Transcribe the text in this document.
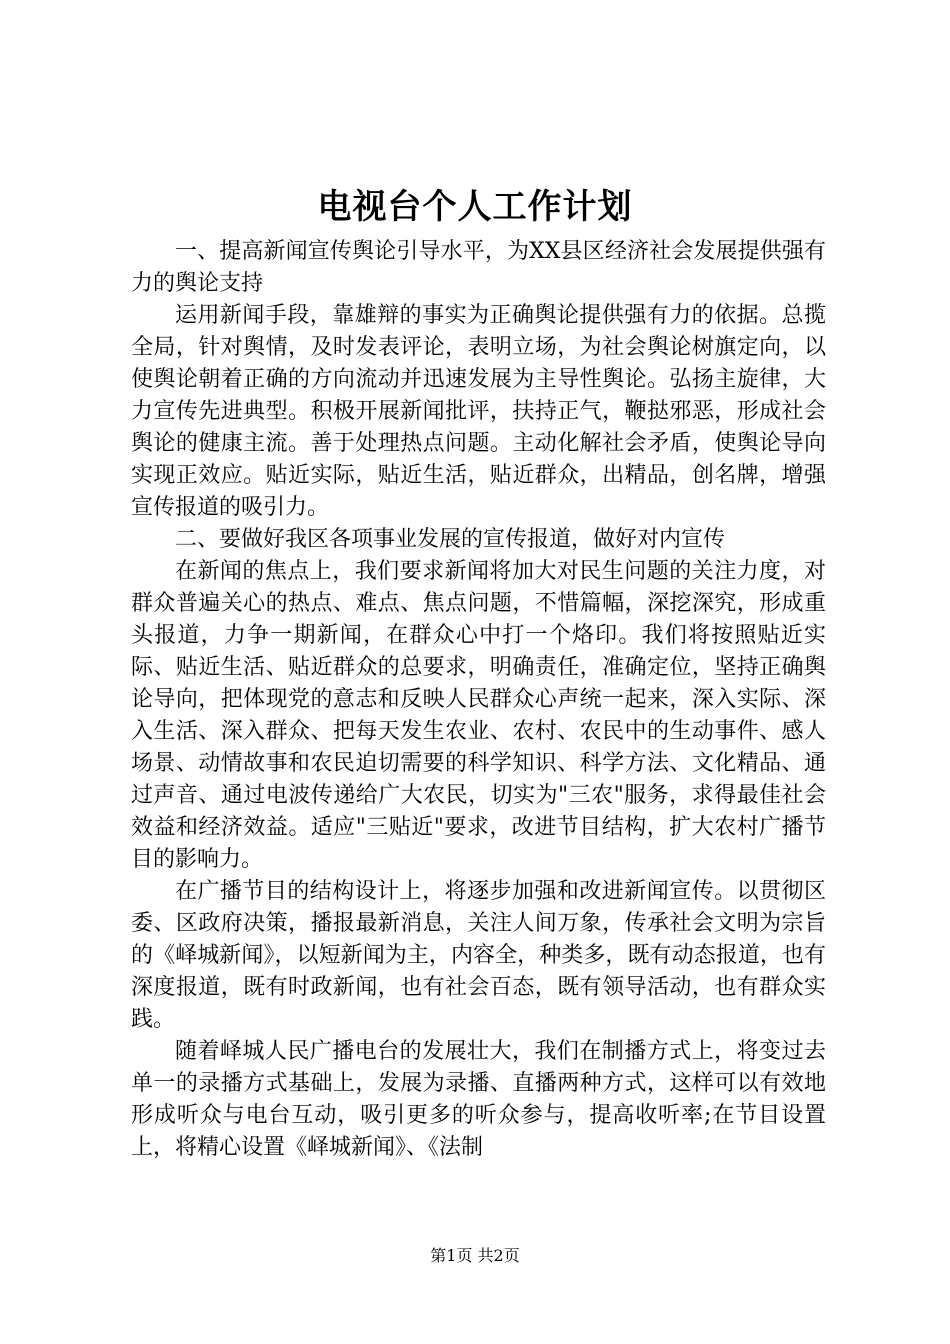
电视台个人工作计划

一、提高新闻宣传舆论引导水平，为XX县区经济社会发展提供强有力的舆论支持

运用新闻手段，靠雄辩的事实为正确舆论提供强有力的依据。总揽全局，针对舆情，及时发表评论，表明立场，为社会舆论树旗定向，以使舆论朝着正确的方向流动并迅速发展为主导性舆论。弘扬主旋律，大力宣传先进典型。积极开展新闻批评，扶持正气，鞭挞邪恶，形成社会舆论的健康主流。善于处理热点问题。主动化解社会矛盾，使舆论导向实现正效应。贴近实际，贴近生活，贴近群众，出精品，创名牌，增强宣传报道的吸引力。

二、要做好我区各项事业发展的宣传报道，做好对内宣传

在新闻的焦点上，我们要求新闻将加大对民生问题的关注力度，对群众普遍关心的热点、难点、焦点问题，不惜篇幅，深挖深究，形成重头报道，力争一期新闻，在群众心中打一个烙印。我们将按照贴近实际、贴近生活、贴近群众的总要求，明确责任，准确定位，坚持正确舆论导向，把体现党的意志和反映人民群众心声统一起来，深入实际、深入生活、深入群众、把每天发生农业、农村、农民中的生动事件、感人场景、动情故事和农民迫切需要的科学知识、科学方法、文化精品、通过声音、通过电波传递给广大农民，切实为"三农"服务，求得最佳社会效益和经济效益。适应"三贴近"要求，改进节目结构，扩大农村广播节目的影响力。

在广播节目的结构设计上，将逐步加强和改进新闻宣传。以贯彻区委、区政府决策，播报最新消息，关注人间万象，传承社会文明为宗旨的《峄城新闻》，以短新闻为主，内容全，种类多，既有动态报道，也有深度报道，既有时政新闻，也有社会百态，既有领导活动，也有群众实践。

随着峄城人民广播电台的发展壮大，我们在制播方式上，将变过去单一的录播方式基础上，发展为录播、直播两种方式，这样可以有效地形成听众与电台互动，吸引更多的听众参与，提高收听率;在节目设置上，将精心设置《峄城新闻》、《法制

第1页 共2页
